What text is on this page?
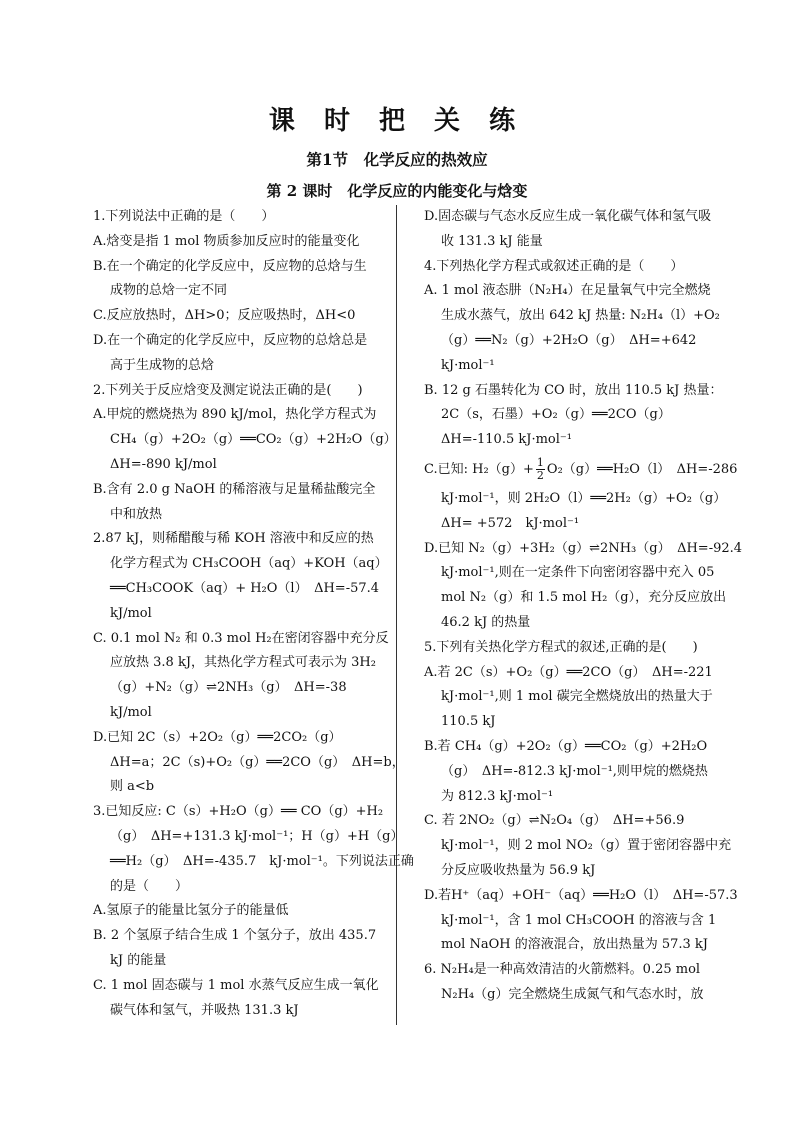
课 时 把 关 练
第1节　化学反应的热效应
第 2 课时　化学反应的内能变化与焓变
1.下列说法中正确的是（　　）
A.焓变是指 1 mol 物质参加反应时的能量变化
B.在一个确定的化学反应中，反应物的总焓与生
成物的总焓一定不同
C.反应放热时，ΔH>0；反应吸热时，ΔH<0
D.在一个确定的化学反应中，反应物的总焓总是
高于生成物的总焓
2.下列关于反应焓变及测定说法正确的是(　　)
A.甲烷的燃烧热为 890 kJ/mol，热化学方程式为
CH₄（g）+2O₂（g）══CO₂（g）+2H₂O（g）
ΔH=-890 kJ/mol
B.含有 2.0 g NaOH 的稀溶液与足量稀盐酸完全
中和放热
2.87 kJ，则稀醋酸与稀 KOH 溶液中和反应的热
化学方程式为 CH₃COOH（aq）+KOH（aq）
══CH₃COOK（aq）+ H₂O（l）　ΔH=-57.4
kJ/mol
C. 0.1 mol N₂ 和 0.3 mol H₂在密闭容器中充分反
应放热 3.8 kJ，其热化学方程式可表示为 3H₂
（g）+N₂（g）⇌2NH₃（g）　ΔH=-38
kJ/mol
D.已知 2C（s）+2O₂（g）══2CO₂（g）
ΔH=a；2C（s)+O₂（g）══2CO（g）　ΔH=b，
则 a<b
3.已知反应: C（s）+H₂O（g）══ CO（g）+H₂
（g）　ΔH=+131.3 kJ·mol⁻¹；H（g）+H（g）
══H₂（g）　ΔH=-435.7　kJ·mol⁻¹。下列说法正确
的是（　　）
A.氢原子的能量比氢分子的能量低
B. 2 个氢原子结合生成 1 个氢分子，放出 435.7
kJ 的能量
C. 1 mol 固态碳与 1 mol 水蒸气反应生成一氧化
碳气体和氢气，并吸热 131.3 kJ
D.固态碳与气态水反应生成一氧化碳气体和氢气吸
收 131.3 kJ 能量
4.下列热化学方程式或叙述正确的是（　　）
A. 1 mol 液态肼（N₂H₄）在足量氧气中完全燃烧
生成水蒸气，放出 642 kJ 热量: N₂H₄（l）+O₂
（g）══N₂（g）+2H₂O（g）　ΔH=+642
kJ·mol⁻¹
B. 12 g 石墨转化为 CO 时，放出 110.5 kJ 热量：
2C（s，石墨）+O₂（g）══2CO（g）
ΔH=-110.5 kJ·mol⁻¹
C.已知: $H_2(g)+ \frac{1}{2}$ O₂（g）══H₂O（l）　ΔH=-286
kJ·mol⁻¹，则 2H₂O（l）══2H₂（g）+O₂（g）
ΔH= +572　kJ·mol⁻¹
D.已知 N₂（g）+3H₂（g）⇌2NH₃（g）　ΔH=-92.4
kJ·mol⁻¹,则在一定条件下向密闭容器中充入 05
mol N₂（g）和 1.5 mol H₂（g），充分反应放出
46.2 kJ 的热量
5.下列有关热化学方程式的叙述,正确的是(　　)
A.若 2C（s）+O₂（g）══2CO（g）　ΔH=-221
kJ·mol⁻¹,则 1 mol 碳完全燃烧放出的热量大于
110.5 kJ
B.若 CH₄（g）+2O₂（g）══CO₂（g）+2H₂O
（g）　ΔH=-812.3 kJ·mol⁻¹,则甲烷的燃烧热
为 812.3 kJ·mol⁻¹
C. 若 2NO₂（g）⇌N₂O₄（g）　ΔH=+56.9
kJ·mol⁻¹，则 2 mol NO₂（g）置于密闭容器中充
分反应吸收热量为 56.9 kJ
D.若H⁺（aq）+OH⁻（aq）══H₂O（l）　ΔH=-57.3
kJ·mol⁻¹，含 1 mol CH₃COOH 的溶液与含 1
mol NaOH 的溶液混合，放出热量为 57.3 kJ
6. N₂H₄是一种高效清洁的火箭燃料。0.25 mol
N₂H₄（g）完全燃烧生成氮气和气态水时，放
